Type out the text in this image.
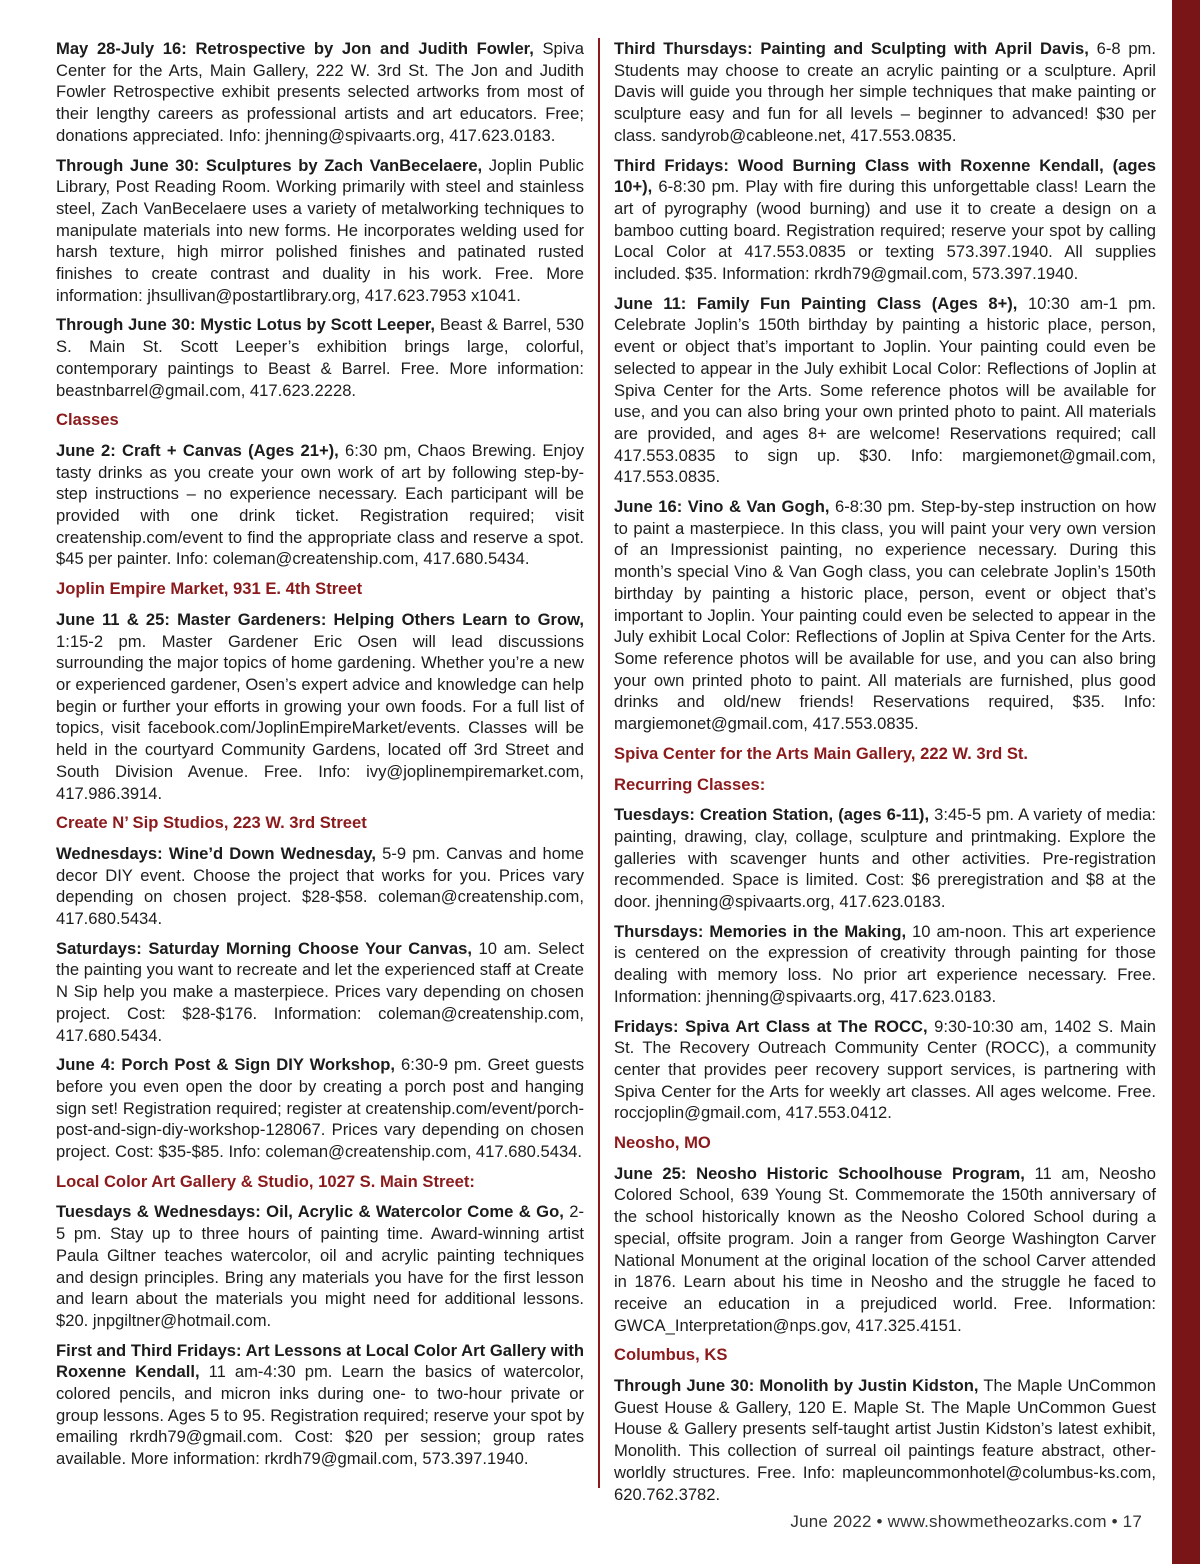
May 28-July 16: Retrospective by Jon and Judith Fowler, Spiva Center for the Arts, Main Gallery, 222 W. 3rd St. The Jon and Judith Fowler Retrospective exhibit presents selected artworks from most of their lengthy careers as professional artists and art educators. Free; donations appreciated. Info: jhenning@spivaarts.org, 417.623.0183.

Through June 30: Sculptures by Zach VanBecelaere, Joplin Public Library, Post Reading Room. Working primarily with steel and stainless steel, Zach VanBecelaere uses a variety of metalworking techniques to manipulate materials into new forms. He incorporates welding used for harsh texture, high mirror polished finishes and patinated rusted finishes to create contrast and duality in his work. Free. More information: jhsullivan@postartlibrary.org, 417.623.7953 x1041.

Through June 30: Mystic Lotus by Scott Leeper, Beast & Barrel, 530 S. Main St. Scott Leeper’s exhibition brings large, colorful, contemporary paintings to Beast & Barrel. Free. More information: beastnbarrel@gmail.com, 417.623.2228.

Classes

June 2: Craft + Canvas (Ages 21+), 6:30 pm, Chaos Brewing. Enjoy tasty drinks as you create your own work of art by following step-by-step instructions – no experience necessary. Each participant will be provided with one drink ticket. Registration required; visit createnship.com/event to find the appropriate class and reserve a spot. $45 per painter. Info: coleman@createnship.com, 417.680.5434.

Joplin Empire Market, 931 E. 4th Street

June 11 & 25: Master Gardeners: Helping Others Learn to Grow, 1:15-2 pm. Master Gardener Eric Osen will lead discussions surrounding the major topics of home gardening. Whether you’re a new or experienced gardener, Osen’s expert advice and knowledge can help begin or further your efforts in growing your own foods. For a full list of topics, visit facebook.com/JoplinEmpireMarket/events. Classes will be held in the courtyard Community Gardens, located off 3rd Street and South Division Avenue. Free. Info: ivy@joplinempiremarket.com, 417.986.3914.

Create N’ Sip Studios, 223 W. 3rd Street

Wednesdays: Wine’d Down Wednesday, 5-9 pm. Canvas and home decor DIY event. Choose the project that works for you. Prices vary depending on chosen project. $28-$58. coleman@createnship.com, 417.680.5434.

Saturdays: Saturday Morning Choose Your Canvas, 10 am. Select the painting you want to recreate and let the experienced staff at Create N Sip help you make a masterpiece. Prices vary depending on chosen project. Cost: $28-$176. Information: coleman@createnship.com, 417.680.5434.

June 4: Porch Post & Sign DIY Workshop, 6:30-9 pm. Greet guests before you even open the door by creating a porch post and hanging sign set! Registration required; register at createnship.com/event/porch-post-and-sign-diy-workshop-128067. Prices vary depending on chosen project. Cost: $35-$85. Info: coleman@createnship.com, 417.680.5434.

Local Color Art Gallery & Studio, 1027 S. Main Street:

Tuesdays & Wednesdays: Oil, Acrylic & Watercolor Come & Go, 2-5 pm. Stay up to three hours of painting time. Award-winning artist Paula Giltner teaches watercolor, oil and acrylic painting techniques and design principles. Bring any materials you have for the first lesson and learn about the materials you might need for additional lessons. $20. jnpgiltner@hotmail.com.

First and Third Fridays: Art Lessons at Local Color Art Gallery with Roxenne Kendall, 11 am-4:30 pm. Learn the basics of watercolor, colored pencils, and micron inks during one- to two-hour private or group lessons. Ages 5 to 95. Registration required; reserve your spot by emailing rkrdh79@gmail.com. Cost: $20 per session; group rates available. More information: rkrdh79@gmail.com, 573.397.1940.

Third Thursdays: Painting and Sculpting with April Davis, 6-8 pm. Students may choose to create an acrylic painting or a sculpture. April Davis will guide you through her simple techniques that make painting or sculpture easy and fun for all levels – beginner to advanced! $30 per class. sandyrob@cableone.net, 417.553.0835.

Third Fridays: Wood Burning Class with Roxenne Kendall, (ages 10+), 6-8:30 pm. Play with fire during this unforgettable class! Learn the art of pyrography (wood burning) and use it to create a design on a bamboo cutting board. Registration required; reserve your spot by calling Local Color at 417.553.0835 or texting 573.397.1940. All supplies included. $35. Information: rkrdh79@gmail.com, 573.397.1940.

June 11: Family Fun Painting Class (Ages 8+), 10:30 am-1 pm. Celebrate Joplin’s 150th birthday by painting a historic place, person, event or object that’s important to Joplin. Your painting could even be selected to appear in the July exhibit Local Color: Reflections of Joplin at Spiva Center for the Arts. Some reference photos will be available for use, and you can also bring your own printed photo to paint. All materials are provided, and ages 8+ are welcome! Reservations required; call 417.553.0835 to sign up. $30. Info: margiemonet@gmail.com, 417.553.0835.

June 16: Vino & Van Gogh, 6-8:30 pm. Step-by-step instruction on how to paint a masterpiece. In this class, you will paint your very own version of an Impressionist painting, no experience necessary. During this month’s special Vino & Van Gogh class, you can celebrate Joplin’s 150th birthday by painting a historic place, person, event or object that’s important to Joplin. Your painting could even be selected to appear in the July exhibit Local Color: Reflections of Joplin at Spiva Center for the Arts. Some reference photos will be available for use, and you can also bring your own printed photo to paint. All materials are furnished, plus good drinks and old/new friends! Reservations required, $35. Info: margiemonet@gmail.com, 417.553.0835.

Spiva Center for the Arts Main Gallery, 222 W. 3rd St.
Recurring Classes:

Tuesdays: Creation Station, (ages 6-11), 3:45-5 pm. A variety of media: painting, drawing, clay, collage, sculpture and printmaking. Explore the galleries with scavenger hunts and other activities. Pre-registration recommended. Space is limited. Cost: $6 preregistration and $8 at the door. jhenning@spivaarts.org, 417.623.0183.

Thursdays: Memories in the Making, 10 am-noon. This art experience is centered on the expression of creativity through painting for those dealing with memory loss. No prior art experience necessary. Free. Information: jhenning@spivaarts.org, 417.623.0183.

Fridays: Spiva Art Class at The ROCC, 9:30-10:30 am, 1402 S. Main St. The Recovery Outreach Community Center (ROCC), a community center that provides peer recovery support services, is partnering with Spiva Center for the Arts for weekly art classes. All ages welcome. Free. roccjoplin@gmail.com, 417.553.0412.

Neosho, MO

June 25: Neosho Historic Schoolhouse Program, 11 am, Neosho Colored School, 639 Young St. Commemorate the 150th anniversary of the school historically known as the Neosho Colored School during a special, offsite program. Join a ranger from George Washington Carver National Monument at the original location of the school Carver attended in 1876. Learn about his time in Neosho and the struggle he faced to receive an education in a prejudiced world. Free. Information: GWCA_Interpretation@nps.gov, 417.325.4151.

Columbus, KS

Through June 30: Monolith by Justin Kidston, The Maple UnCommon Guest House & Gallery, 120 E. Maple St. The Maple UnCommon Guest House & Gallery presents self-taught artist Justin Kidston’s latest exhibit, Monolith. This collection of surreal oil paintings feature abstract, other-worldly structures. Free. Info: mapleuncommonhotel@columbus-ks.com, 620.762.3782.

June 2022 • www.showmetheozarks.com • 17
